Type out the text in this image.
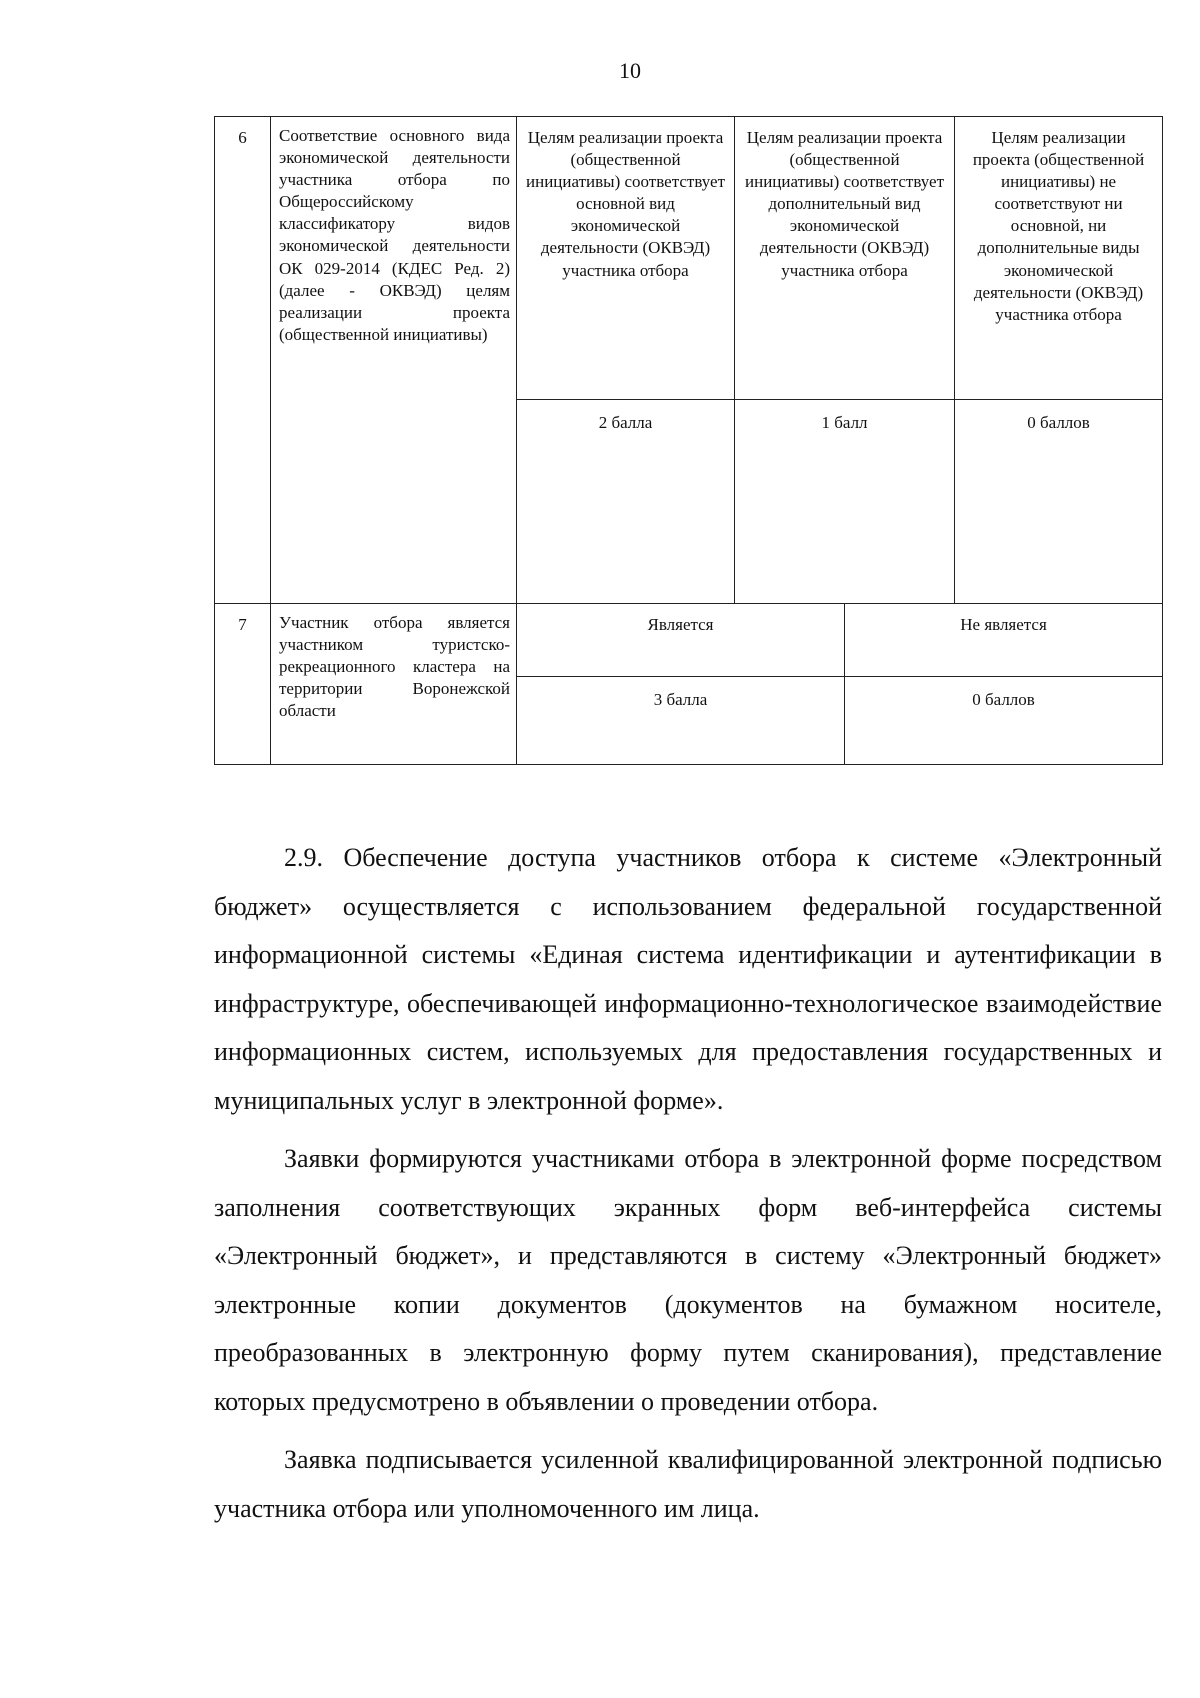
10
6	Соответствие основного вида экономической деятельности участника отбора по Общероссийскому классификатору видов экономической деятельности ОК 029-2014 (КДЕС Ред. 2) (далее - ОКВЭД) целям реализации проекта (общественной инициативы)	Целям реализации проекта (общественной инициативы) соответствует основной вид экономической деятельности (ОКВЭД) участника отбора	Целям реализации проекта (общественной инициативы) соответствует дополнительный вид экономической деятельности (ОКВЭД) участника отбора		Целям реализации проекта (общественной инициативы) не соответствуют ни основной, ни дополнительные виды экономической деятельности (ОКВЭД) участника отбора
		2 балла	1 балл		0 баллов
7	Участник отбора является участником туристско-рекреационного кластера на территории Воронежской области	Является		Не является	
		3 балла		0 баллов	

2.9. Обеспечение доступа участников отбора к системе «Электронный бюджет» осуществляется с использованием федеральной государственной информационной системы «Единая система идентификации и аутентификации в инфраструктуре, обеспечивающей информационно-технологическое взаимодействие информационных систем, используемых для предоставления государственных и муниципальных услуг в электронной форме».

Заявки формируются участниками отбора в электронной форме посредством заполнения соответствующих экранных форм веб-интерфейса системы «Электронный бюджет», и представляются в систему «Электронный бюджет» электронные копии документов (документов на бумажном носителе, преобразованных в электронную форму путем сканирования), представление которых предусмотрено в объявлении о проведении отбора.

Заявка подписывается усиленной квалифицированной электронной подписью участника отбора или уполномоченного им лица.
